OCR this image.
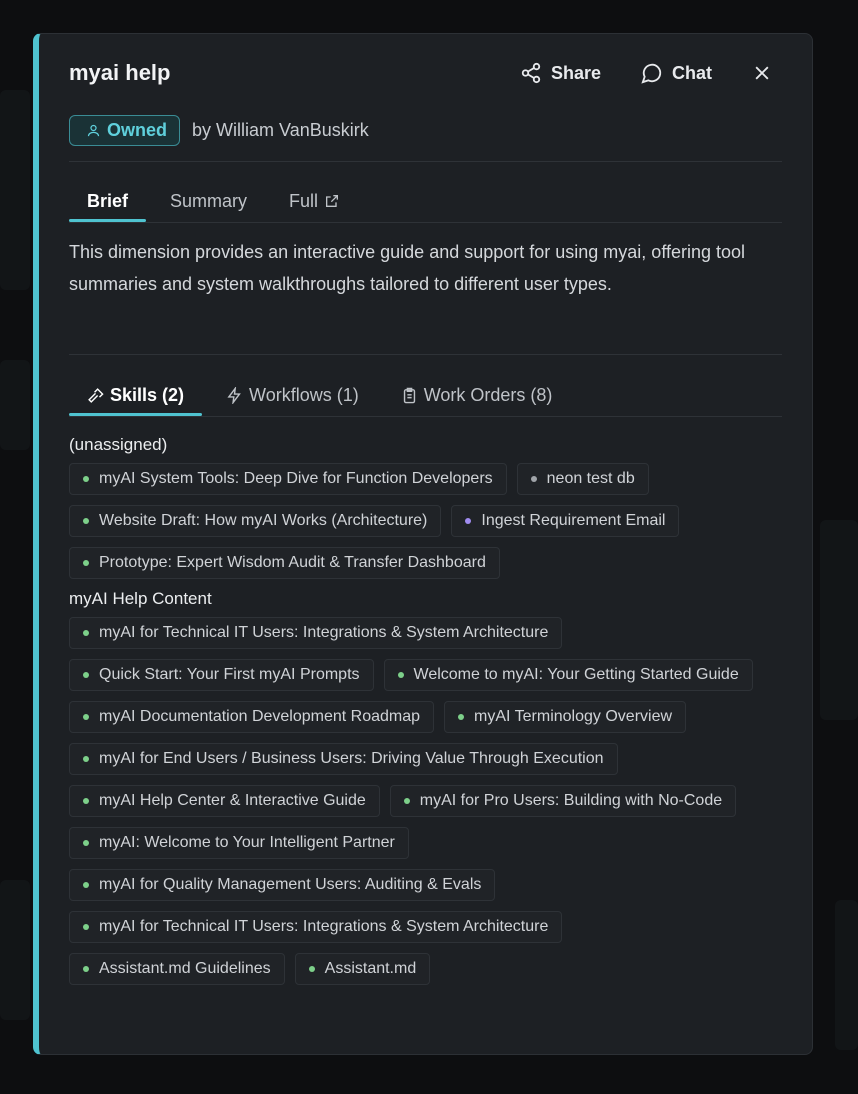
myai help	Share	Chat
Owned by William VanBuskirk
Brief Summary Full
This dimension provides an interactive guide and support for using myai, offering tool summaries and system walkthroughs tailored to different user types.
Skills (2)	Workflows (1)	Work Orders (8)
(unassigned)
myAI System Tools: Deep Dive for Function Developers	neon test db
Website Draft: How myAI Works (Architecture)	Ingest Requirement Email
Prototype: Expert Wisdom Audit & Transfer Dashboard
myAI Help Content
myAI for Technical IT Users: Integrations & System Architecture
Quick Start: Your First myAI Prompts	Welcome to myAI: Your Getting Started Guide
myAI Documentation Development Roadmap	myAI Terminology Overview
myAI for End Users / Business Users: Driving Value Through Execution
myAI Help Center & Interactive Guide	myAI for Pro Users: Building with No-Code
myAI: Welcome to Your Intelligent Partner
myAI for Quality Management Users: Auditing & Evals
myAI for Technical IT Users: Integrations & System Architecture
Assistant.md Guidelines	Assistant.md
